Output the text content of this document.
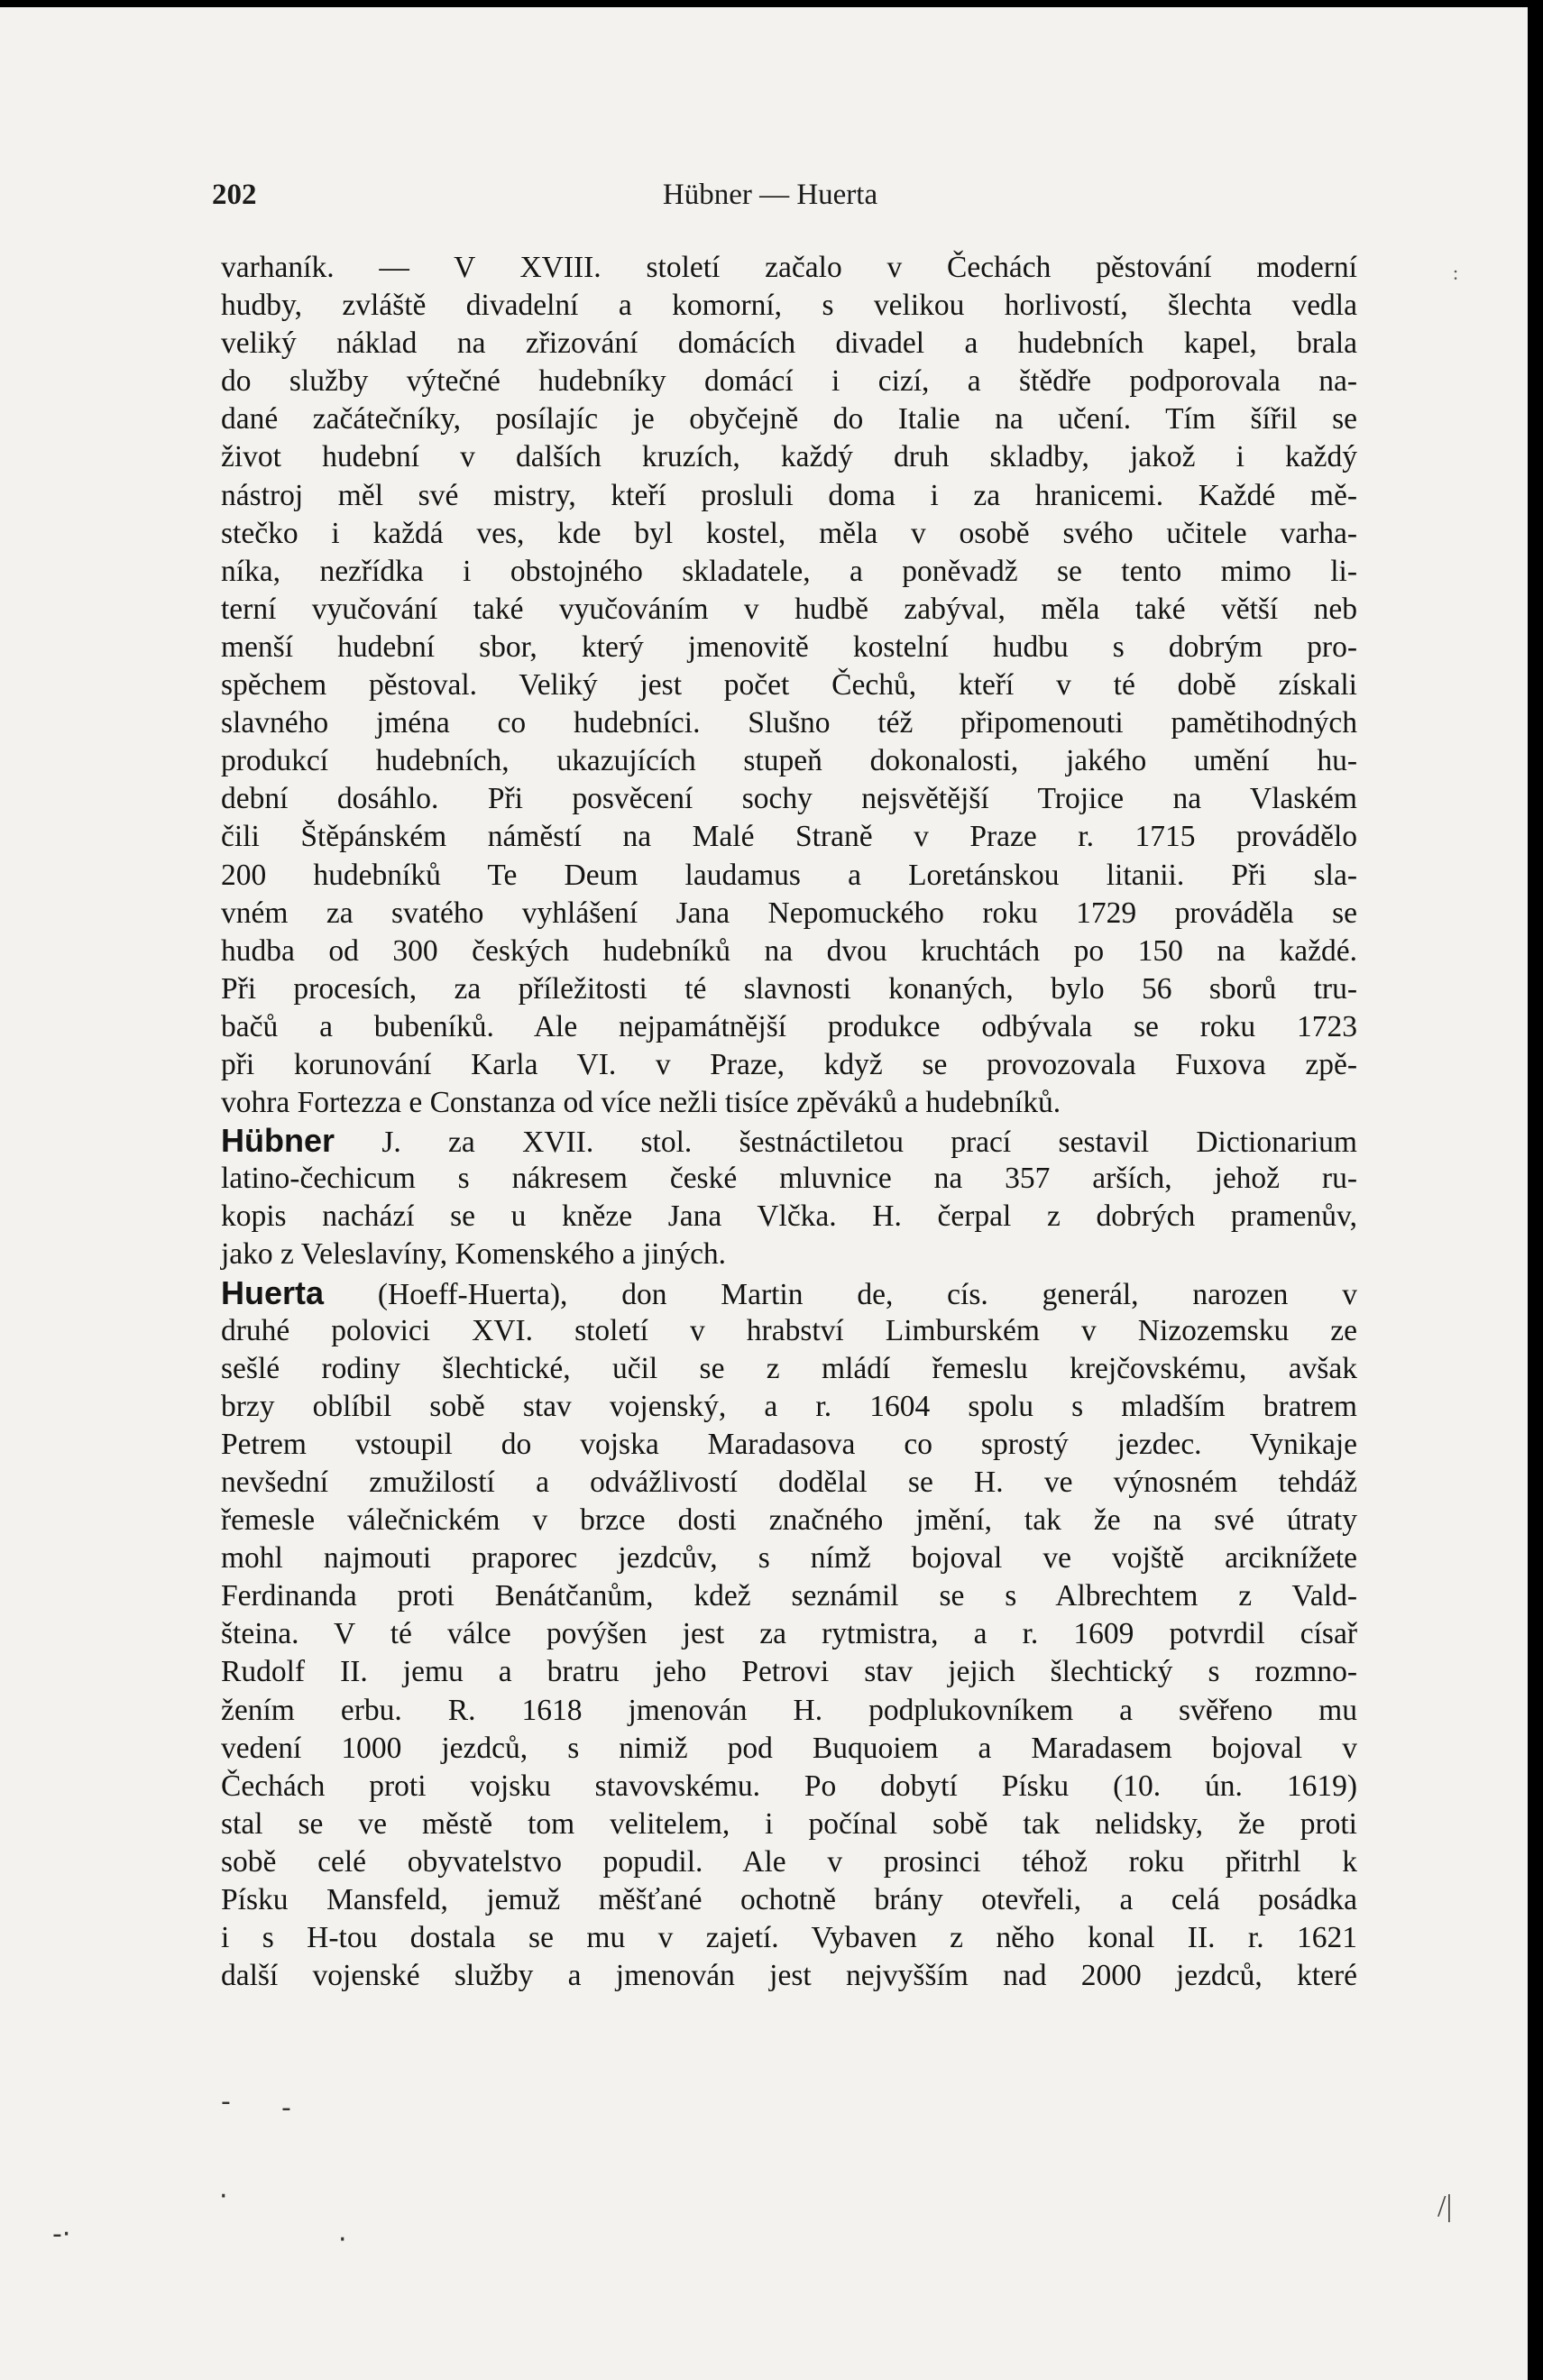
202	Hübner — Huerta
:
varhaník. — V XVIII. století začalo v Čechách pěstování moderní
hudby, zvláště divadelní a komorní, s velikou horlivostí, šlechta vedla
veliký náklad na zřizování domácích divadel a hudebních kapel, brala
do služby výtečné hudebníky domácí i cizí, a štědře podporovala na-
dané začátečníky, posílajíc je obyčejně do Italie na učení. Tím šířil se
život hudební v dalších kruzích, každý druh skladby, jakož i každý
nástroj měl své mistry, kteří prosluli doma i za hranicemi. Každé mě-
stečko i každá ves, kde byl kostel, měla v osobě svého učitele varha-
níka, nezřídka i obstojného skladatele, a poněvadž se tento mimo li-
terní vyučování také vyučováním v hudbě zabýval, měla také větší neb
menší hudební sbor, který jmenovitě kostelní hudbu s dobrým pro-
spěchem pěstoval. Veliký jest počet Čechů, kteří v té době získali
slavného jména co hudebníci. Slušno též připomenouti pamětihodných
produkcí hudebních, ukazujících stupeň dokonalosti, jakého umění hu-
dební dosáhlo. Při posvěcení sochy nejsvětější Trojice na Vlaském
čili Štěpánském náměstí na Malé Straně v Praze r. 1715 provádělo
200 hudebníků Te Deum laudamus a Loretánskou litanii. Při sla-
vném za svatého vyhlášení Jana Nepomuckého roku 1729 prováděla se
hudba od 300 českých hudebníků na dvou kruchtách po 150 na každé.
Při procesích, za příležitosti té slavnosti konaných, bylo 56 sborů tru-
bačů a bubeníků. Ale nejpamátnější produkce odbývala se roku 1723
při korunování Karla VI. v Praze, když se provozovala Fuxova zpě-
vohra Fortezza e Constanza od více nežli tisíce zpěváků a hudebníků.
Hübner J. za XVII. stol. šestnáctiletou prací sestavil Dictionarium
latino-čechicum s nákresem české mluvnice na 357 arších, jehož ru-
kopis nachází se u kněze Jana Vlčka. H. čerpal z dobrých pramenův,
jako z Veleslavíny, Komenského a jiných.
Huerta (Hoeff-Huerta), don Martin de, cís. generál, narozen v
druhé polovici XVI. století v hrabství Limburském v Nizozemsku ze
sešlé rodiny šlechtické, učil se z mládí řemeslu krejčovskému, avšak
brzy oblíbil sobě stav vojenský, a r. 1604 spolu s mladším bratrem
Petrem vstoupil do vojska Maradasova co sprostý jezdec. Vynikaje
nevšední zmužilostí a odvážlivostí dodělal se H. ve výnosném tehdáž
řemesle válečnickém v brzce dosti značného jmění, tak že na své útraty
mohl najmouti praporec jezdcův, s nímž bojoval ve vojště arciknížete
Ferdinanda proti Benátčanům, kdež seznámil se s Albrechtem z Vald-
šteina. V té válce povýšen jest za rytmistra, a r. 1609 potvrdil císař
Rudolf II. jemu a bratru jeho Petrovi stav jejich šlechtický s rozmno-
žením erbu. R. 1618 jmenován H. podplukovníkem a svěřeno mu
vedení 1000 jezdců, s nimiž pod Buquoiem a Maradasem bojoval v
Čechách proti vojsku stavovskému. Po dobytí Písku (10. ún. 1619)
stal se ve městě tom velitelem, i počínal sobě tak nelidsky, že proti
sobě celé obyvatelstvo popudil. Ale v prosinci téhož roku přitrhl k
Písku Mansfeld, jemuž měšťané ochotně brány otevřeli, a celá posádka
i s H-tou dostala se mu v zajetí. Vybaven z něho konal II. r. 1621
další vojenské služby a jmenován jest nejvyšším nad 2000 jezdců, které
- -
·
-·	·
/|
